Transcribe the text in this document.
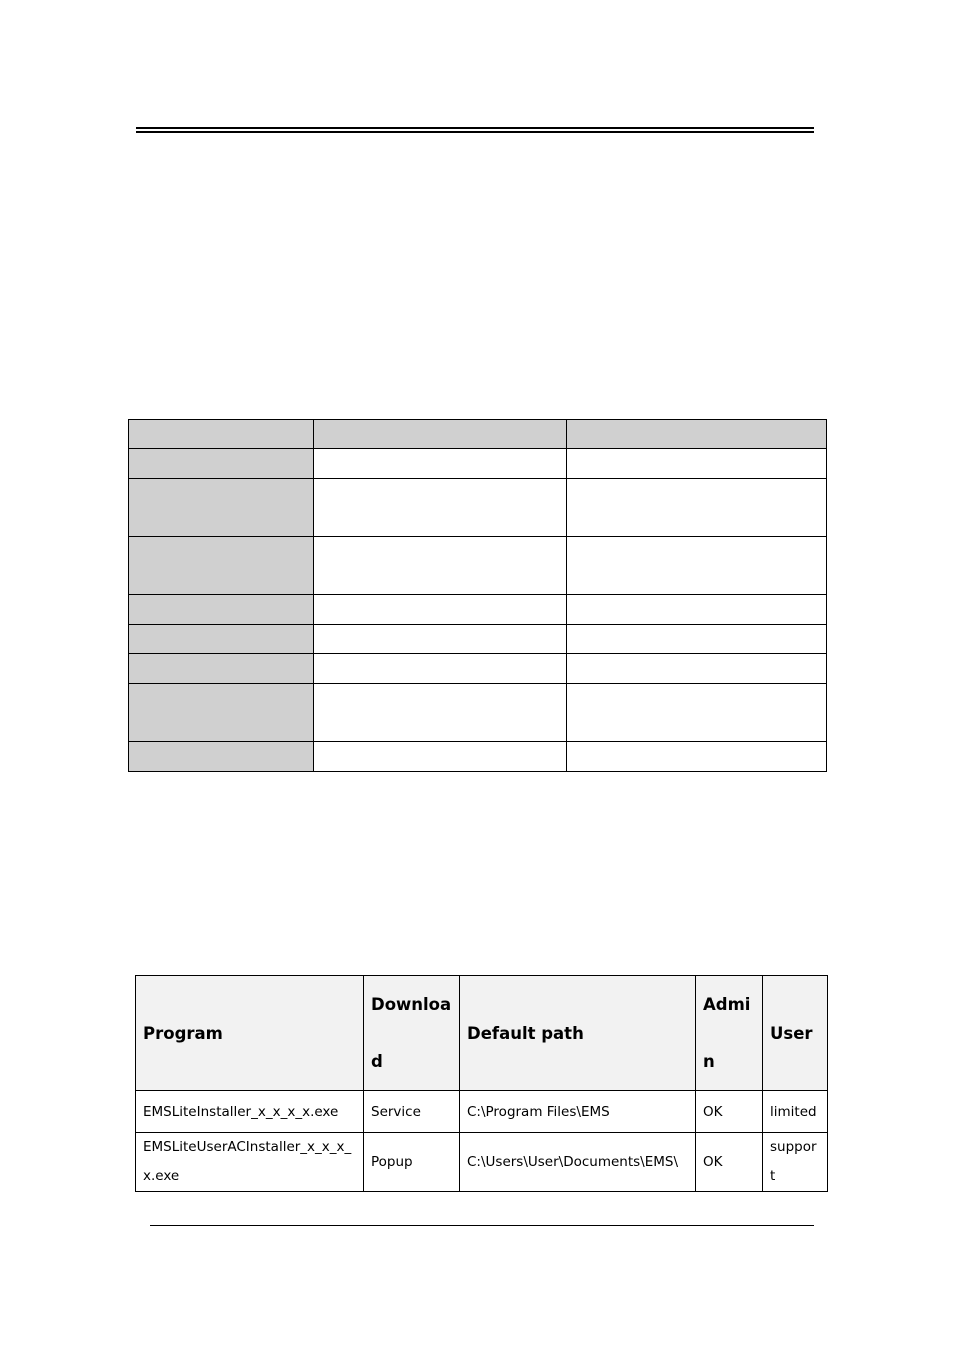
Program	Download	Default path	Admin	User
EMSLiteInstaller_x_x_x_x.exe	Service	C:\Program Files\EMS	OK	limited
EMSLiteUserACInstaller_x_x_x_x.exe	Popup	C:\Users\User\Documents\EMS\	OK	support
